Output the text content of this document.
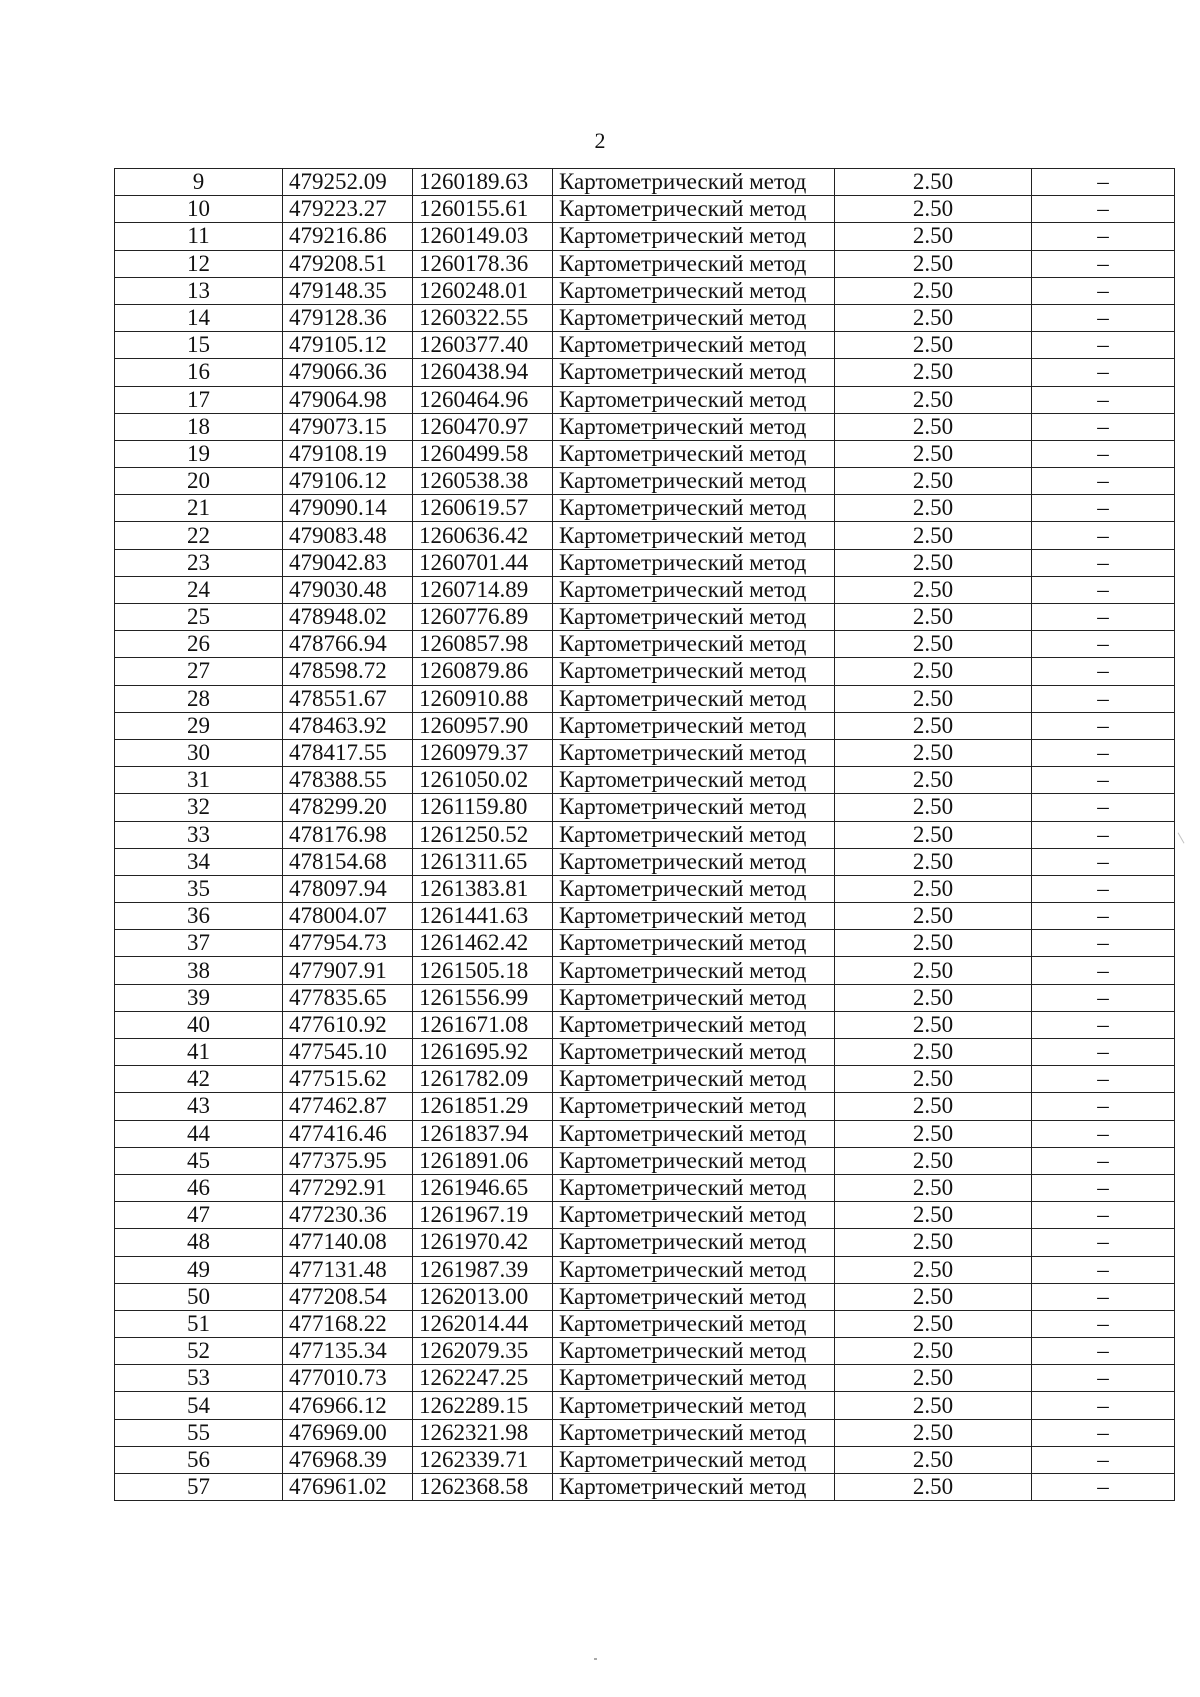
2
9	479252.09	1260189.63	Картометрический метод	2.50	–
10	479223.27	1260155.61	Картометрический метод	2.50	–
11	479216.86	1260149.03	Картометрический метод	2.50	–
12	479208.51	1260178.36	Картометрический метод	2.50	–
13	479148.35	1260248.01	Картометрический метод	2.50	–
14	479128.36	1260322.55	Картометрический метод	2.50	–
15	479105.12	1260377.40	Картометрический метод	2.50	–
16	479066.36	1260438.94	Картометрический метод	2.50	–
17	479064.98	1260464.96	Картометрический метод	2.50	–
18	479073.15	1260470.97	Картометрический метод	2.50	–
19	479108.19	1260499.58	Картометрический метод	2.50	–
20	479106.12	1260538.38	Картометрический метод	2.50	–
21	479090.14	1260619.57	Картометрический метод	2.50	–
22	479083.48	1260636.42	Картометрический метод	2.50	–
23	479042.83	1260701.44	Картометрический метод	2.50	–
24	479030.48	1260714.89	Картометрический метод	2.50	–
25	478948.02	1260776.89	Картометрический метод	2.50	–
26	478766.94	1260857.98	Картометрический метод	2.50	–
27	478598.72	1260879.86	Картометрический метод	2.50	–
28	478551.67	1260910.88	Картометрический метод	2.50	–
29	478463.92	1260957.90	Картометрический метод	2.50	–
30	478417.55	1260979.37	Картометрический метод	2.50	–
31	478388.55	1261050.02	Картометрический метод	2.50	–
32	478299.20	1261159.80	Картометрический метод	2.50	–
33	478176.98	1261250.52	Картометрический метод	2.50	–
34	478154.68	1261311.65	Картометрический метод	2.50	–
35	478097.94	1261383.81	Картометрический метод	2.50	–
36	478004.07	1261441.63	Картометрический метод	2.50	–
37	477954.73	1261462.42	Картометрический метод	2.50	–
38	477907.91	1261505.18	Картометрический метод	2.50	–
39	477835.65	1261556.99	Картометрический метод	2.50	–
40	477610.92	1261671.08	Картометрический метод	2.50	–
41	477545.10	1261695.92	Картометрический метод	2.50	–
42	477515.62	1261782.09	Картометрический метод	2.50	–
43	477462.87	1261851.29	Картометрический метод	2.50	–
44	477416.46	1261837.94	Картометрический метод	2.50	–
45	477375.95	1261891.06	Картометрический метод	2.50	–
46	477292.91	1261946.65	Картометрический метод	2.50	–
47	477230.36	1261967.19	Картометрический метод	2.50	–
48	477140.08	1261970.42	Картометрический метод	2.50	–
49	477131.48	1261987.39	Картометрический метод	2.50	–
50	477208.54	1262013.00	Картометрический метод	2.50	–
51	477168.22	1262014.44	Картометрический метод	2.50	–
52	477135.34	1262079.35	Картометрический метод	2.50	–
53	477010.73	1262247.25	Картометрический метод	2.50	–
54	476966.12	1262289.15	Картометрический метод	2.50	–
55	476969.00	1262321.98	Картометрический метод	2.50	–
56	476968.39	1262339.71	Картометрический метод	2.50	–
57	476961.02	1262368.58	Картометрический метод	2.50	–
